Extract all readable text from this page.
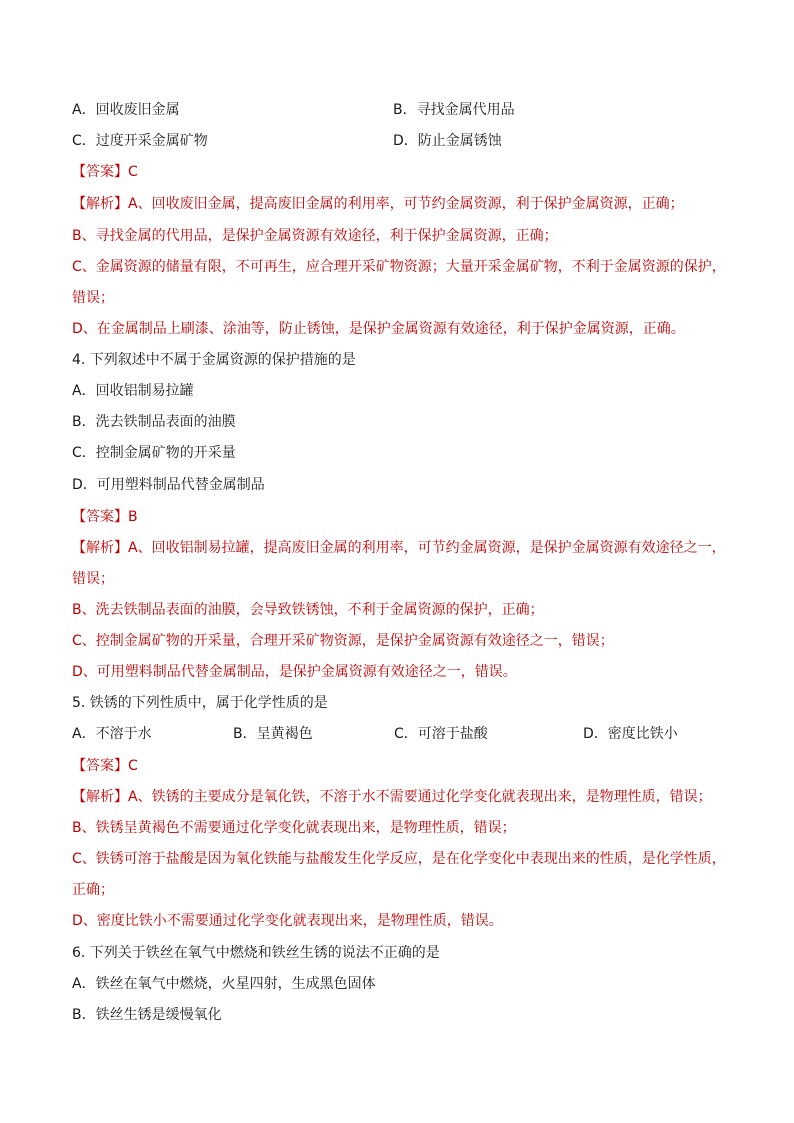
A．回收废旧金属	B．寻找金属代用品
C．过度开采金属矿物	D．防止金属锈蚀
【答案】C
【解析】A、回收废旧金属，提高废旧金属的利用率，可节约金属资源，利于保护金属资源，正确；
B、寻找金属的代用品，是保护金属资源有效途径，利于保护金属资源，正确；
C、金属资源的储量有限，不可再生，应合理开采矿物资源；大量开采金属矿物，不利于金属资源的保护，
错误；
D、在金属制品上刷漆、涂油等，防止锈蚀，是保护金属资源有效途径，利于保护金属资源，正确。
4. 下列叙述中不属于金属资源的保护措施的是
A．回收铝制易拉罐
B．洗去铁制品表面的油膜
C．控制金属矿物的开采量
D．可用塑料制品代替金属制品
【答案】B
【解析】A、回收铝制易拉罐，提高废旧金属的利用率，可节约金属资源，是保护金属资源有效途径之一，
错误；
B、洗去铁制品表面的油膜，会导致铁锈蚀，不利于金属资源的保护，正确；
C、控制金属矿物的开采量，合理开采矿物资源，是保护金属资源有效途径之一，错误；
D、可用塑料制品代替金属制品，是保护金属资源有效途径之一，错误。
5. 铁锈的下列性质中，属于化学性质的是
A．不溶于水	B．呈黄褐色	C．可溶于盐酸	D．密度比铁小
【答案】C
【解析】A、铁锈的主要成分是氧化铁，不溶于水不需要通过化学变化就表现出来，是物理性质，错误；
B、铁锈呈黄褐色不需要通过化学变化就表现出来，是物理性质，错误；
C、铁锈可溶于盐酸是因为氧化铁能与盐酸发生化学反应，是在化学变化中表现出来的性质，是化学性质，
正确；
D、密度比铁小不需要通过化学变化就表现出来，是物理性质，错误。
6. 下列关于铁丝在氧气中燃烧和铁丝生锈的说法不正确的是
A．铁丝在氧气中燃烧，火星四射，生成黑色固体
B．铁丝生锈是缓慢氧化
